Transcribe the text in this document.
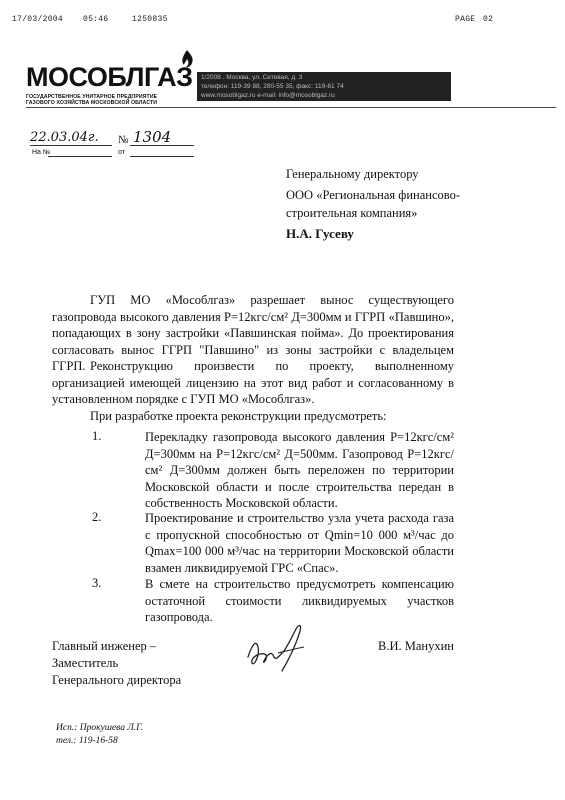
17/03/2004 05:46	1250835	PAGE 02
МОСОБЛГАЗ
ГОСУДАРСТВЕННОЕ УНИТАРНОЕ ПРЕДПРИЯТИЕ
ГАЗОВОГО ХОЗЯЙСТВА МОСКОВСКОЙ ОБЛАСТИ
1/2008 . Москва, ул. Сетевая, д. 3
телефон: 119-39 88, 280-55 35, факс: 119-61 74
www.mosoblgaz.ru e-mail: info@mosoblgaz.ru
22.03.04г. № 1304
На №	от
Генеральному директору
ООО «Региональная финансово-
строительная компания»
Н.А. Гусеву
ГУП МО «Мособлгаз» разрешает вынос существующего газопровода высокого давления Р=12кгс/см² Д=300мм и ГГРП «Павшино», попадающих в зону застройки «Павшинская пойма». До проектирования согласовать вынос ГГРП "Павшино" из зоны застройки с владельцем ГГРП. Реконструкцию произвести по проекту, выполненному организацией имеющей лицензию на этот вид работ и согласованному в установленном порядке с ГУП МО «Мособлгаз».
При разработке проекта реконструкции предусмотреть:
1.	Перекладку газопровода высокого давления Р=12кгс/см² Д=300мм на Р=12кгс/см² Д=500мм. Газопровод Р=12кгс/см² Д=300мм должен быть переложен по территории Московской области и после строительства передан в собственность Московской области.
2.	Проектирование и строительство узла учета расхода газа с пропускной способностью от Qmin=10 000 м³/час до Qmax=100 000 м³/час на территории Московской области взамен ликвидируемой ГРС «Спас».
3.	В смете на строительство предусмотреть компенсацию остаточной стоимости ликвидируемых участков газопровода.
Главный инженер –
Заместитель
Генерального директора
В.И. Манухин
Исп.: Прокушева Л.Г.
тел.: 119-16-58
